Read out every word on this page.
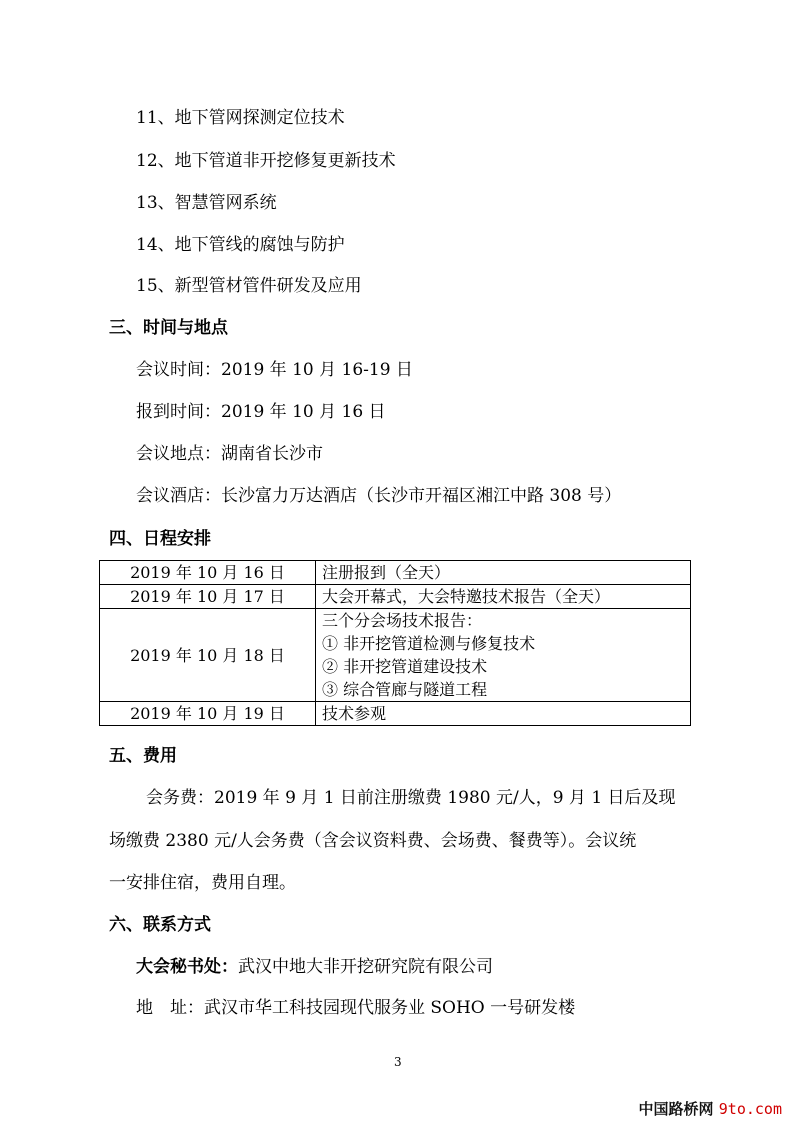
11、地下管网探测定位技术
12、地下管道非开挖修复更新技术
13、智慧管网系统
14、地下管线的腐蚀与防护
15、新型管材管件研发及应用
三、时间与地点
会议时间：2019 年 10 月 16-19 日
报到时间：2019 年 10 月 16 日
会议地点：湖南省长沙市
会议酒店：长沙富力万达酒店（长沙市开福区湘江中路 308 号）
四、日程安排
2019 年 10 月 16 日	注册报到（全天）
2019 年 10 月 17 日	大会开幕式，大会特邀技术报告（全天）
2019 年 10 月 18 日	三个分会场技术报告：
① 非开挖管道检测与修复技术
② 非开挖管道建设技术
③ 综合管廊与隧道工程

2019 年 10 月 19 日	技术参观
五、费用
会务费：2019 年 9 月 1 日前注册缴费 1980 元/人，9 月 1 日后及现
场缴费 2380 元/人会务费（含会议资料费、会场费、餐费等）。会议统
一安排住宿，费用自理。
六、联系方式
大会秘书处：武汉中地大非开挖研究院有限公司
地　址：武汉市华工科技园现代服务业 SOHO 一号研发楼
3
中国路桥网 9to.com
